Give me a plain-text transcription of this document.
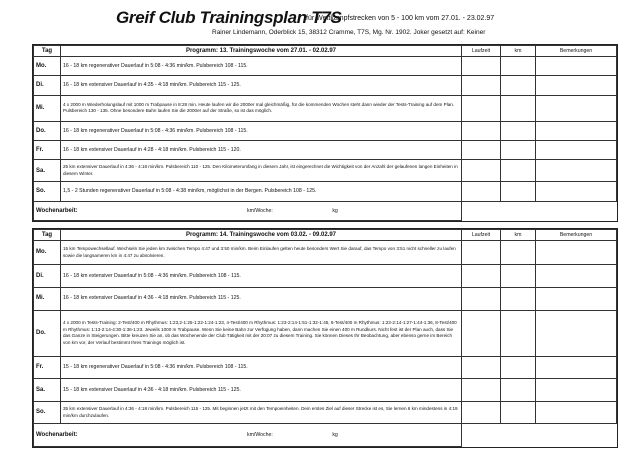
Greif Club Trainingsplan T7S
für Wettkampfstrecken von 5 - 100 km vom 27.01. - 23.02.97
Rainer Lindemann, Oderblick 15, 38312 Cramme, T7S, Mg. Nr. 1902. Joker gesetzt auf: Keiner
Tag	Programm: 13. Trainingswoche vom 27.01. - 02.02.97	Laufzeit	km	Bemerkungen
Mo.	16 - 18 km regenerativer Dauerlauf in 5:08 - 4:36 min/km. Pulsbereich 108 - 115.			
Di.	16 - 18 km extensiver Dauerlauf in 4:35 - 4:18 min/km. Pulsbereich 115 - 125.			
Mi.	4 x 2000 m Wiederholungslauf mit 1000 m Trabpause in 8:28 min. Heute laufen wir die 2000er mal gleichmäßig, für die kommenden Wochen steht dann wieder der Tests-Training auf dem Plan. Pulsbereich 130 - 135. Ohne besondere Bahn laufen Sie die 2000er auf der Straße, so ist das möglich.			
Do.	16 - 18 km regenerativer Dauerlauf in 5:08 - 4:36 min/km. Pulsbereich 108 - 115.			
Fr.	16 - 18 km extensiver Dauerlauf in 4:28 - 4:18 min/km. Pulsbereich 115 - 120.			
Sa.	25 km extensiver Dauerlauf in 4:36 - 4:18 min/km. Pulsbereich 110 - 125. Den Kilometerumfang in diesem Jahr, ist eingerechnet die Wichtigkeit von der Anzahl der gelaufenen langen Einheiten in diesem Winter.			
So.	1,5 - 2 Stunden regenerativer Dauerlauf in 5:08 - 4:38 min/km, möglichst in der Bergen. Pulsbereich 108 - 125.			
Wochenarbeit: km/Woche: kg				
Tag	Programm: 14. Trainingswoche vom 03.02. - 09.02.97	Laufzeit	km	Bemerkungen
Mo.	15 km Tempowechsellauf. Wechseln Sie jeden km zwischen Tempo 4:47 und 3:50 min/km. Beim Einlaufen gelten heute besonders Wert Sie darauf, das Tempo von 3:51 nicht schneller zu laufen sowie die langsameren km in 4:47 zu absolvieren.			
Di.	16 - 18 km extensiver Dauerlauf in 5:08 - 4:36 min/km. Pulsbereich 108 - 115.			
Mi.	16 - 18 km extensiver Dauerlauf in 4:36 - 4:18 min/km. Pulsbereich 115 - 125.			
Do.	4 x 2000 m Tests-Training: 2-Test/400 m Rhythmus: 1:23,2-1:25-1:22-1:24-1:23, 4-Test/400 m Rhythmus: 1:23-2:14-1:51-1:32-1:45, 6-Test/400 m Rhythmus: 1:23-2:14-1:27-1:44-1:36, 8-Test/400 m Rhythmus: 1:13-2:14-4:30-1:36-1:23. Jeweils 1000 m Trabpause. Wenn Sie keine Bahn zur Verfügung haben, dann machen Sie einen 400 m Rundkurs. Nicht fest ist der Plan auch, dass Sie das Ganze in Steigerungen. Bitte kreuzen Sie an, ob das Wochenende der Club Tätigkeit mit der 20:07 zu diesem Training. Sie können Dieses Ihr Beobachtung, aber ebenso gerne im Bereich von km vor, der Verlauf bestimmt Ihres Trainings möglich ist.			
Fr.	15 - 18 km regenerativer Dauerlauf in 5:08 - 4:36 min/km. Pulsbereich 108 - 115.			
Sa.	15 - 18 km extensiver Dauerlauf in 4:36 - 4:18 min/km. Pulsbereich 115 - 125.			
So.	35 km extensiver Dauerlauf in 4:36 - 4:18 min/km. Pulsbereich 115 - 125. Mit beginnen jetzt mit den Tempoeinheiten. Dein erstes Ziel auf dieser Strecke ist es, Sie lernen 6 km mindestens in 4:19 min/km durchzulaufen.			
Wochenarbeit: km/Woche: kg				
